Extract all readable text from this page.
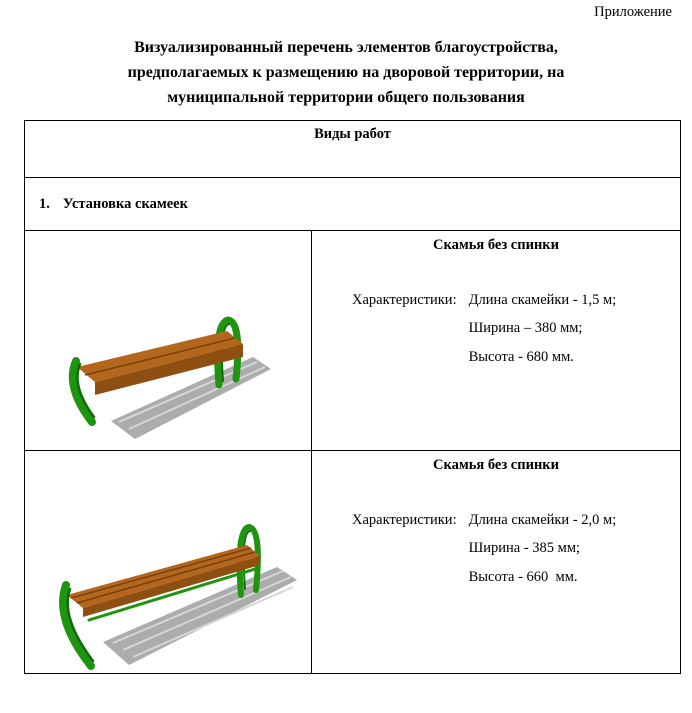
Приложение
Визуализированный перечень элементов благоустройства,
предполагаемых к размещению на дворовой территории, на
муниципальной территории общего пользования
Виды работ
1. Установка скамеек
Скамья без спинки
Характеристики: Длина скамейки - 1,5 м;
Ширина – 380 мм;
Высота - 680 мм.
Скамья без спинки
Характеристики: Длина скамейки - 2,0 м;
Ширина - 385 мм;
Высота - 660  мм.
